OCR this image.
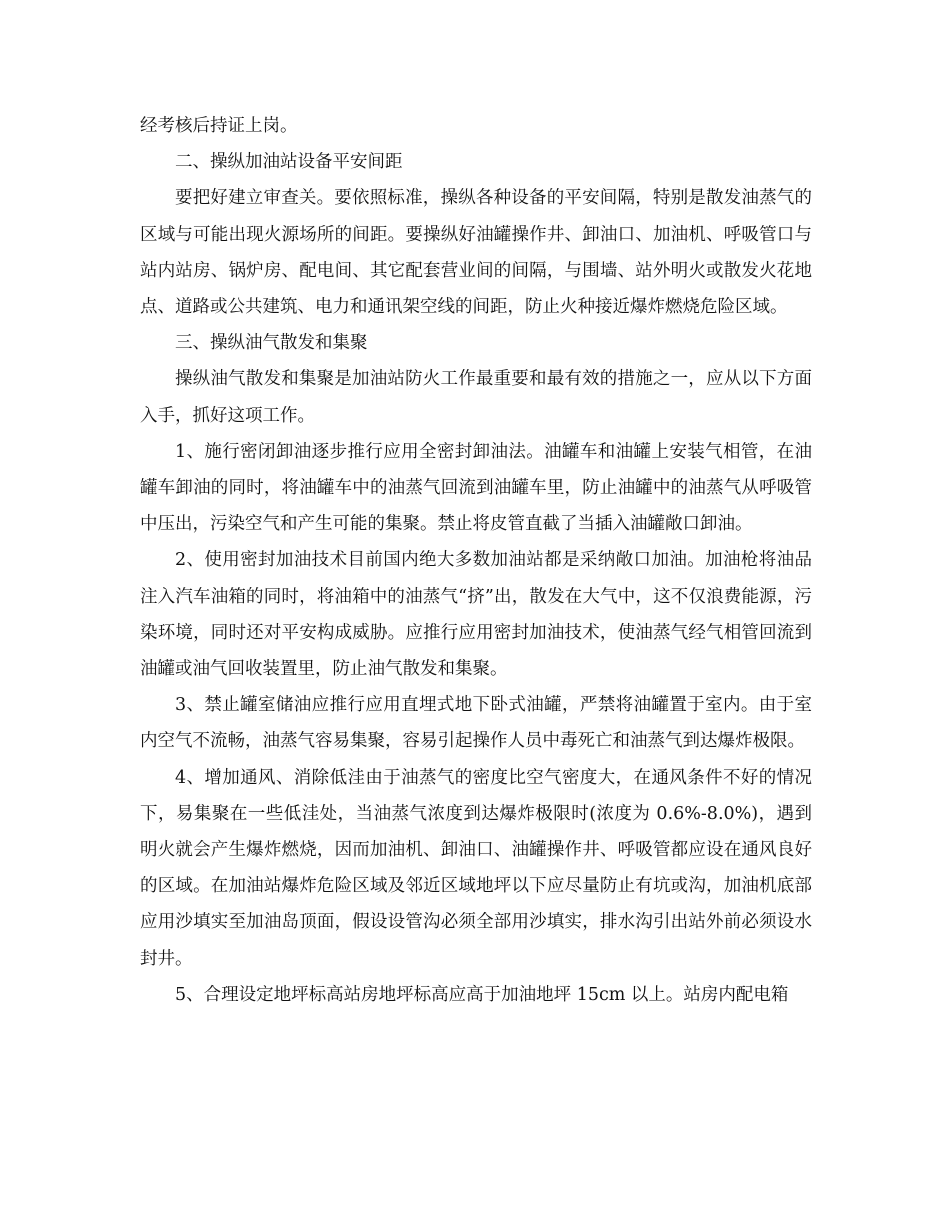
经考核后持证上岗。

二、操纵加油站设备平安间距

要把好建立审查关。要依照标准，操纵各种设备的平安间隔，特别是散发油蒸气的区域与可能出现火源场所的间距。要操纵好油罐操作井、卸油口、加油机、呼吸管口与站内站房、锅炉房、配电间、其它配套营业间的间隔，与围墙、站外明火或散发火花地点、道路或公共建筑、电力和通讯架空线的间距，防止火种接近爆炸燃烧危险区域。

三、操纵油气散发和集聚

操纵油气散发和集聚是加油站防火工作最重要和最有效的措施之一，应从以下方面入手，抓好这项工作。

1、施行密闭卸油逐步推行应用全密封卸油法。油罐车和油罐上安装气相管，在油罐车卸油的同时，将油罐车中的油蒸气回流到油罐车里，防止油罐中的油蒸气从呼吸管中压出，污染空气和产生可能的集聚。禁止将皮管直截了当插入油罐敞口卸油。

2、使用密封加油技术目前国内绝大多数加油站都是采纳敞口加油。加油枪将油品注入汽车油箱的同时，将油箱中的油蒸气“挤”出，散发在大气中，这不仅浪费能源，污染环境，同时还对平安构成威胁。应推行应用密封加油技术，使油蒸气经气相管回流到油罐或油气回收装置里，防止油气散发和集聚。

3、禁止罐室储油应推行应用直埋式地下卧式油罐，严禁将油罐置于室内。由于室内空气不流畅，油蒸气容易集聚，容易引起操作人员中毒死亡和油蒸气到达爆炸极限。

4、增加通风、消除低洼由于油蒸气的密度比空气密度大，在通风条件不好的情况下，易集聚在一些低洼处，当油蒸气浓度到达爆炸极限时(浓度为 0.6%-8.0%)，遇到明火就会产生爆炸燃烧，因而加油机、卸油口、油罐操作井、呼吸管都应设在通风良好的区域。在加油站爆炸危险区域及邻近区域地坪以下应尽量防止有坑或沟，加油机底部应用沙填实至加油岛顶面，假设设管沟必须全部用沙填实，排水沟引出站外前必须设水封井。

5、合理设定地坪标高站房地坪标高应高于加油地坪 15cm 以上。站房内配电箱
